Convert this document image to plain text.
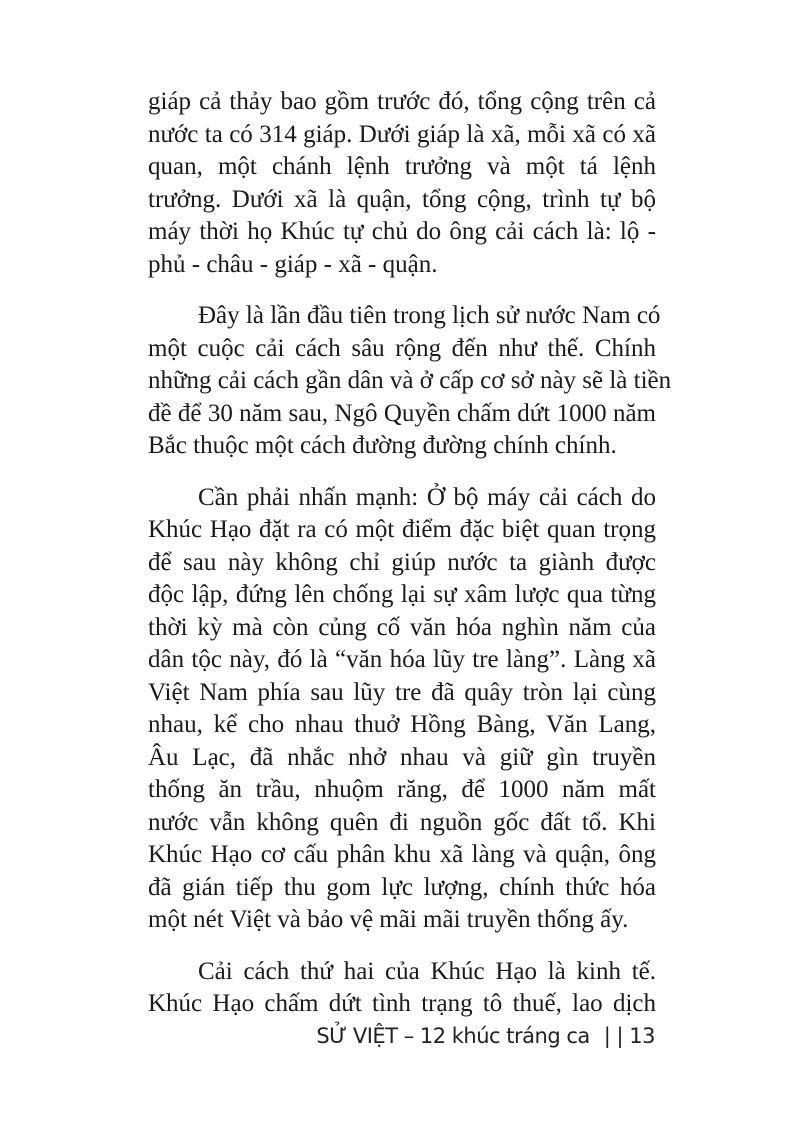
giáp cả thảy bao gồm trước đó, tổng cộng trên cả
nước ta có 314 giáp. Dưới giáp là xã, mỗi xã có xã
quan, một chánh lệnh trưởng và một tá lệnh
trưởng. Dưới xã là quận, tổng cộng, trình tự bộ
máy thời họ Khúc tự chủ do ông cải cách là: lộ -
phủ - châu - giáp - xã - quận.
Đây là lần đầu tiên trong lịch sử nước Nam có
một cuộc cải cách sâu rộng đến như thế. Chính
những cải cách gần dân và ở cấp cơ sở này sẽ là tiền
đề để 30 năm sau, Ngô Quyền chấm dứt 1000 năm
Bắc thuộc một cách đường đường chính chính.
Cần phải nhấn mạnh: Ở bộ máy cải cách do
Khúc Hạo đặt ra có một điểm đặc biệt quan trọng
để sau này không chỉ giúp nước ta giành được
độc lập, đứng lên chống lại sự xâm lược qua từng
thời kỳ mà còn củng cố văn hóa nghìn năm của
dân tộc này, đó là “văn hóa lũy tre làng”. Làng xã
Việt Nam phía sau lũy tre đã quây tròn lại cùng
nhau, kể cho nhau thuở Hồng Bàng, Văn Lang,
Âu Lạc, đã nhắc nhở nhau và giữ gìn truyền
thống ăn trầu, nhuộm răng, để 1000 năm mất
nước vẫn không quên đi nguồn gốc đất tổ. Khi
Khúc Hạo cơ cấu phân khu xã làng và quận, ông
đã gián tiếp thu gom lực lượng, chính thức hóa
một nét Việt và bảo vệ mãi mãi truyền thống ấy.
Cải cách thứ hai của Khúc Hạo là kinh tế.
Khúc Hạo chấm dứt tình trạng tô thuế, lao dịch
SỬ VIỆT – 12 khúc tráng ca | | 13
